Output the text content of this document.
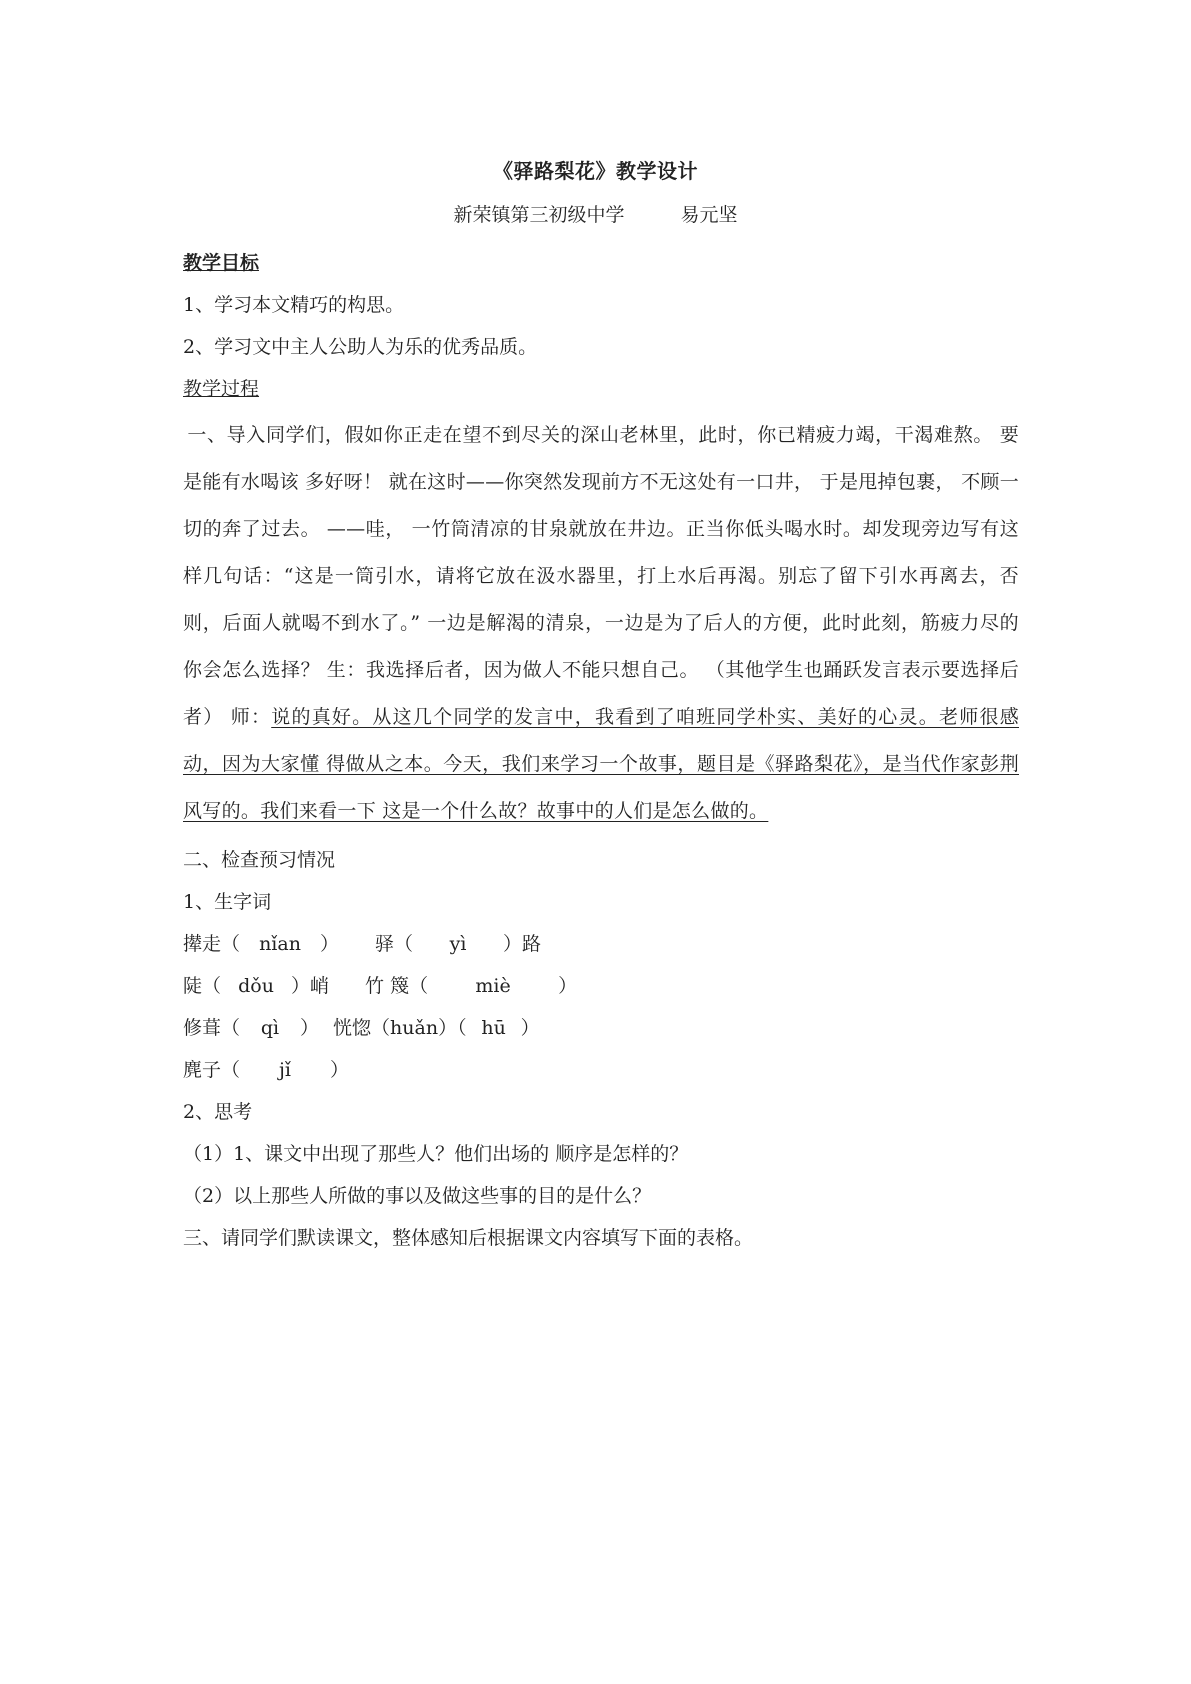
《驿路梨花》教学设计
新荣镇第三初级中学	易元坚
教学目标
1、学习本文精巧的构思。
2、学习文中主人公助人为乐的优秀品质。
教学过程
一、导入同学们，假如你正走在望不到尽关的深山老林里，此时，你已精疲力竭，干渴难熬。 要是能有水喝该 多好呀！ 就在这时——你突然发现前方不无这处有一口井， 于是甩掉包裹， 不顾一切的奔了过去。 ——哇， 一竹筒清凉的甘泉就放在井边。正当你低头喝水时。却发现旁边写有这样几句话：“这是一筒引水，请将它放在汲水器里，打上水后再渴。别忘了留下引水再离去，否则，后面人就喝不到水了。” 一边是解渴的清泉，一边是为了后人的方便，此时此刻，筋疲力尽的你会怎么选择？ 生：我选择后者，因为做人不能只想自己。 （其他学生也踊跃发言表示要选择后者） 师：说的真好。从这几个同学的发言中，我看到了咱班同学朴实、美好的心灵。老师很感动，因为大家懂 得做从之本。今天，我们来学习一个故事，题目是《驿路梨花》，是当代作家彭荆风写的。我们来看一下 这是一个什么故？故事中的人们是怎么做的。
二、检查预习情况
1、生字词
撵走（ nǐan ） 驿（ yì ）路
陡（ dǒu ）峭 竹 篾（ miè ）
修葺（ qì ） 恍惚（huǎn）（ hū ）
麂子（ jǐ ）
2、思考
（1）1、课文中出现了那些人？他们出场的 顺序是怎样的？
（2）以上那些人所做的事以及做这些事的目的是什么？
三、请同学们默读课文，整体感知后根据课文内容填写下面的表格。
